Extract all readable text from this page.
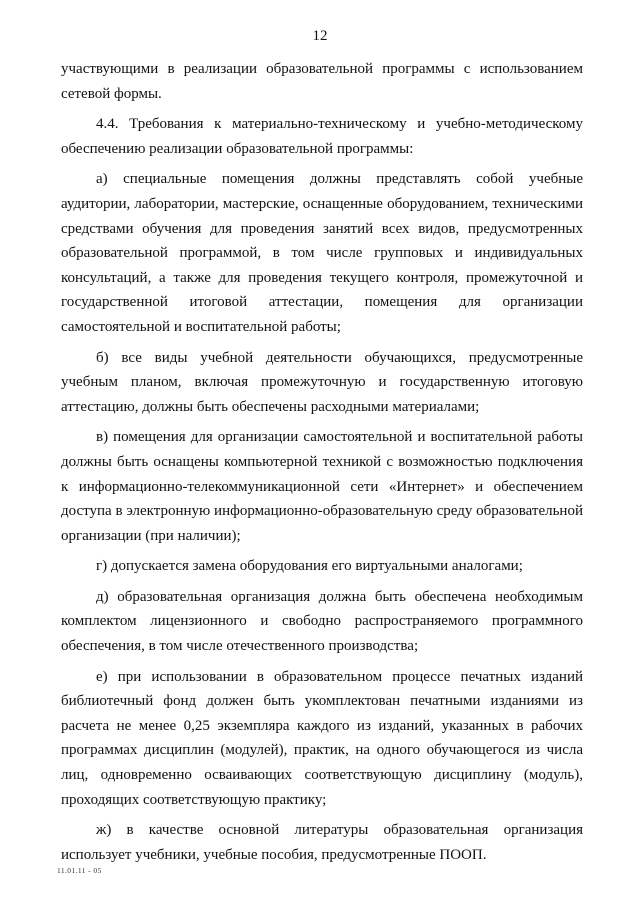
12

участвующими в реализации образовательной программы с использованием сетевой формы.

4.4. Требования к материально-техническому и учебно-методическому обеспечению реализации образовательной программы:

а) специальные помещения должны представлять собой учебные аудитории, лаборатории, мастерские, оснащенные оборудованием, техническими средствами обучения для проведения занятий всех видов, предусмотренных образовательной программой, в том числе групповых и индивидуальных консультаций, а также для проведения текущего контроля, промежуточной и государственной итоговой аттестации, помещения для организации самостоятельной и воспитательной работы;

б) все виды учебной деятельности обучающихся, предусмотренные учебным планом, включая промежуточную и государственную итоговую аттестацию, должны быть обеспечены расходными материалами;

в) помещения для организации самостоятельной и воспитательной работы должны быть оснащены компьютерной техникой с возможностью подключения к информационно-телекоммуникационной сети «Интернет» и обеспечением доступа в электронную информационно-образовательную среду образовательной организации (при наличии);

г) допускается замена оборудования его виртуальными аналогами;

д) образовательная организация должна быть обеспечена необходимым комплектом лицензионного и свободно распространяемого программного обеспечения, в том числе отечественного производства;

е) при использовании в образовательном процессе печатных изданий библиотечный фонд должен быть укомплектован печатными изданиями из расчета не менее 0,25 экземпляра каждого из изданий, указанных в рабочих программах дисциплин (модулей), практик, на одного обучающегося из числа лиц, одновременно осваивающих соответствующую дисциплину (модуль), проходящих соответствующую практику;

ж) в качестве основной литературы образовательная организация использует учебники, учебные пособия, предусмотренные ПООП.

11.01.11 - 05
